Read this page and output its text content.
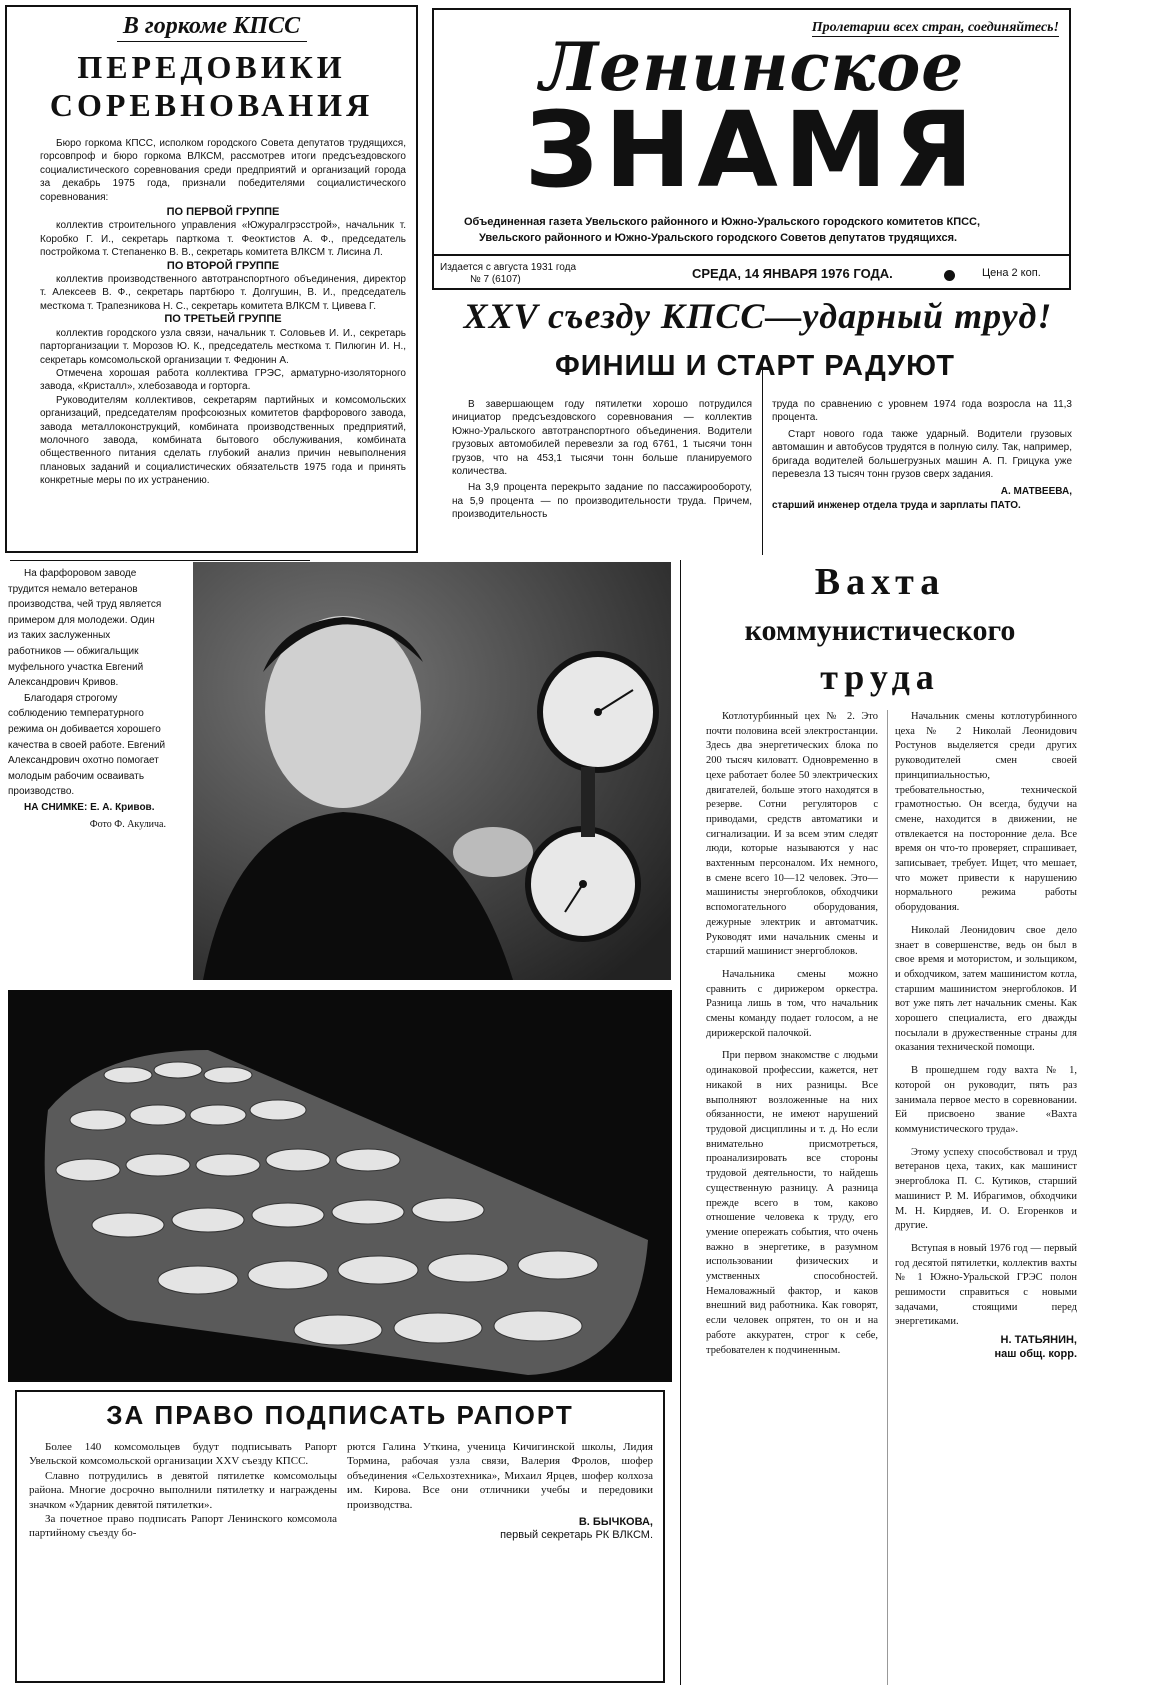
В горкоме КПСС
ПЕРЕДОВИКИ
СОРЕВНОВАНИЯ

Бюро горкома КПСС, исполком городского Совета депутатов трудящихся, горсовпроф и бюро горкома ВЛКСМ, рассмотрев итоги предсъездовского социалистического соревнования среди предприятий и организаций города за декабрь 1975 года, признали победителями социалистического соревнования:

ПО ПЕРВОЙ ГРУППЕ

коллектив строительного управления «Южуралгрэсстрой», начальник т. Коробко Г. И., секретарь парткома т. Феоктистов А. Ф., председатель постройкома т. Степаненко В. В., секретарь комитета ВЛКСМ т. Лисина Л.

ПО ВТОРОЙ ГРУППЕ

коллектив производственного автотранспортного объединения, директор т. Алексеев В. Ф., секретарь партбюро т. Долгушин, В. И., председатель месткома т. Трапезникова Н. С., секретарь комитета ВЛКСМ т. Цивева Г.

ПО ТРЕТЬЕЙ ГРУППЕ

коллектив городского узла связи, начальник т. Соловьев И. И., секретарь парторганизации т. Морозов Ю. К., председатель месткома т. Пилюгин И. Н., секретарь комсомольской организации т. Федюнин А.

Отмечена хорошая работа коллектива ГРЭС, арматурно-изоляторного завода, «Кристалл», хлебозавода и горторга.

Руководителям коллективов, секретарям партийных и комсомольских организаций, председателям профсоюзных комитетов фарфорового завода, завода металлоконструкций, комбината производственных предприятий, молочного завода, комбината бытового обслуживания, комбината общественного питания сделать глубокий анализ причин невыполнения плановых заданий и социалистических обязательств 1975 года и принять конкретные меры по их устранению.

Пролетарии всех стран, соединяйтесь!
Ленинское
ЗНАМЯ
Объединенная газета Увельского районного и Южно-Уральского городского комитетов КПСС,
Увельского районного и Южно-Уральского городского Советов депутатов трудящихся.
Издается с августа 1931 года
№ 7 (6107)	СРЕДА, 14 ЯНВАРЯ 1976 ГОДА.	Цена 2 коп.
XXV съезду КПСС—ударный труд!
ФИНИШ И СТАРТ РАДУЮТ

В завершающем году пятилетки хорошо потрудился инициатор предсъездовского соревнования — коллектив Южно-Уральского автотранспортного объединения. Водители грузовых автомобилей перевезли за год 6761, 1 тысячи тонн грузов, что на 453,1 тысячи тонн больше планируемого количества.

На 3,9 процента перекрыто задание по пассажирообороту, на 5,9 процента — по производительности труда. Причем, производительность

труда по сравнению с уровнем 1974 года возросла на 11,3 процента.

Старт нового года также ударный. Водители грузовых автомашин и автобусов трудятся в полную силу. Так, например, бригада водителей большегрузных машин А. П. Грицука уже перевезла 13 тысяч тонн грузов сверх задания.

А. МАТВЕЕВА,

старший инженер отдела труда и зарплаты ПАТО.

На фарфоровом заводе трудится немало ветеранов производства, чей труд является примером для молодежи. Один из таких заслуженных работников — обжигальщик муфельного участка Евгений Александрович Кривов.

Благодаря строгому соблюдению температурного режима он добивается хорошего качества в своей работе. Евгений Александрович охотно помогает молодым рабочим осваивать производство.

НА СНИМКЕ: Е. А. Кривов.

Фото Ф. Акулича.

Вахта
коммунистического
труда

Котлотурбинный цех № 2. Это почти половина всей электростанции. Здесь два энергетических блока по 200 тысяч киловатт. Одновременно в цехе работает более 50 электрических двигателей, больше этого находятся в резерве. Сотни регуляторов с приводами, средств автоматики и сигнализации. И за всем этим следят люди, которые называются у нас вахтенным персоналом. Их немного, в смене всего 10—12 человек. Это—машинисты энергоблоков, обходчики вспомогательного оборудования, дежурные электрик и автоматчик. Руководят ими начальник смены и старший машинист энергоблоков.

Начальника смены можно сравнить с дирижером оркестра. Разница лишь в том, что начальник смены команду подает голосом, а не дирижерской палочкой.

При первом знакомстве с людьми одинаковой профессии, кажется, нет никакой в них разницы. Все выполняют возложенные на них обязанности, не имеют нарушений трудовой дисциплины и т. д. Но если внимательно присмотреться, проанализировать все стороны трудовой деятельности, то найдешь существенную разницу. А разница прежде всего в том, каково отношение человека к труду, его умение опережать события, что очень важно в энергетике, в разумном использовании физических и умственных способностей. Немаловажный фактор, и каков внешний вид работника. Как говорят, если человек опрятен, то он и на работе аккуратен, строг к себе, требователен к подчиненным.

Начальник смены котлотурбинного цеха № 2 Николай Леонидович Ростунов выделяется среди других руководителей смен своей принципиальностью, требовательностью, технической грамотностью. Он всегда, будучи на смене, находится в движении, не отвлекается на посторонние дела. Все время он что-то проверяет, спрашивает, записывает, требует. Ищет, что мешает, что может привести к нарушению нормального режима работы оборудования.

Николай Леонидович свое дело знает в совершенстве, ведь он был в свое время и мотористом, и зольщиком, и обходчиком, затем машинистом котла, старшим машинистом энергоблоков. И вот уже пять лет начальник смены. Как хорошего специалиста, его дважды посылали в дружественные страны для оказания технической помощи.

В прошедшем году вахта № 1, которой он руководит, пять раз занимала первое место в соревновании. Ей присвоено звание «Вахта коммунистического труда».

Этому успеху способствовал и труд ветеранов цеха, таких, как машинист энергоблока П. С. Кутиков, старший машинист Р. М. Ибрагимов, обходчики М. Н. Кирдяев, И. О. Егоренков и другие.

Вступая в новый 1976 год — первый год десятой пятилетки, коллектив вахты № 1 Южно-Уральской ГРЭС полон решимости справиться с новыми задачами, стоящими перед энергетиками.

Н. ТАТЬЯНИН,

наш общ. корр.

ЗА ПРАВО ПОДПИСАТЬ РАПОРТ

Более 140 комсомольцев будут подписывать Рапорт Увельской комсомольской организации XXV съезду КПСС.

Славно потрудились в девятой пятилетке комсомольцы района. Многие досрочно выполнили пятилетку и награждены значком «Ударник девятой пятилетки».

За почетное право подписать Рапорт Ленинского комсомола партийному съезду бо-

рются Галина Уткина, ученица Кичигинской школы, Лидия Тормина, рабочая узла связи, Валерия Фролов, шофер объединения «Сельхозтехника», Михаил Ярцев, шофер колхоза им. Кирова. Все они отличники учебы и передовики производства.

В. БЫЧКОВА,

первый секретарь РК ВЛКСМ.
